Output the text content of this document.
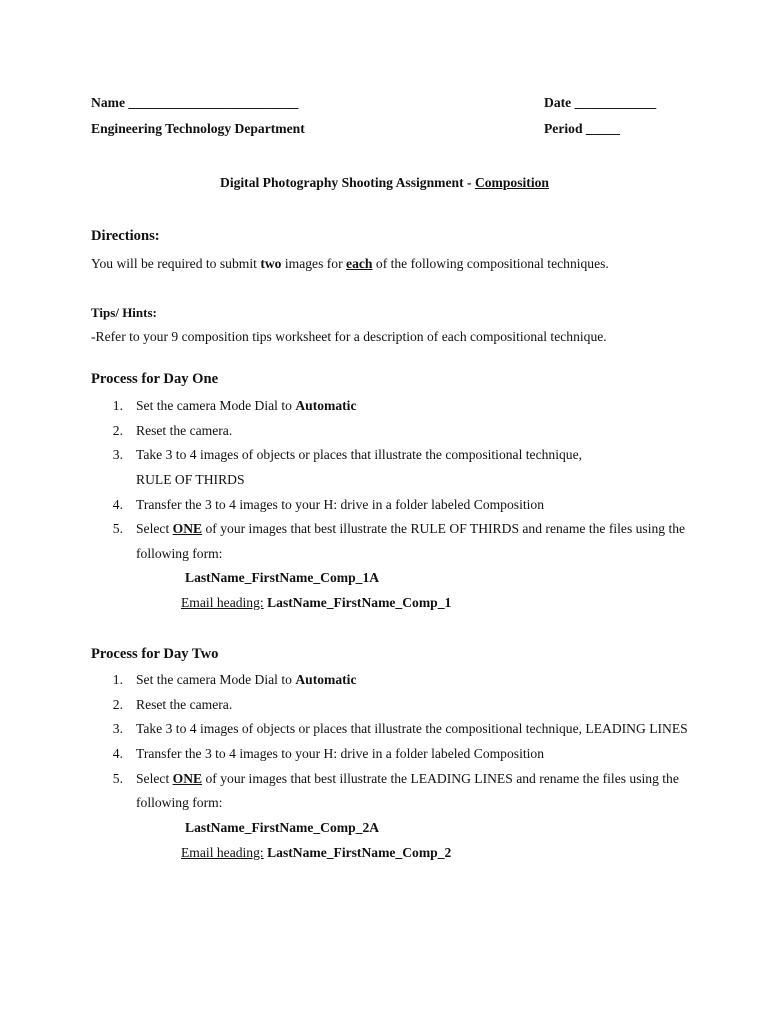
Name _________________________	Date ____________
Engineering Technology Department	Period _____
Digital Photography Shooting Assignment - Composition
Directions:
You will be required to submit two images for each of the following compositional techniques.
Tips/ Hints:
-Refer to your 9 composition tips worksheet for a description of each compositional technique.
Process for Day One
1. Set the camera Mode Dial to Automatic
2. Reset the camera.
3. Take 3 to 4 images of objects or places that illustrate the compositional technique,
RULE OF THIRDS
4. Transfer the 3 to 4 images to your H: drive in a folder labeled Composition
5. Select ONE of your images that best illustrate the RULE OF THIRDS and rename the files using the
following form:
LastName_FirstName_Comp_1A
Email heading: LastName_FirstName_Comp_1
Process for Day Two
1. Set the camera Mode Dial to Automatic
2. Reset the camera.
3. Take 3 to 4 images of objects or places that illustrate the compositional technique, LEADING LINES
4. Transfer the 3 to 4 images to your H: drive in a folder labeled Composition
5. Select ONE of your images that best illustrate the LEADING LINES and rename the files using the
following form:
LastName_FirstName_Comp_2A
Email heading: LastName_FirstName_Comp_2
